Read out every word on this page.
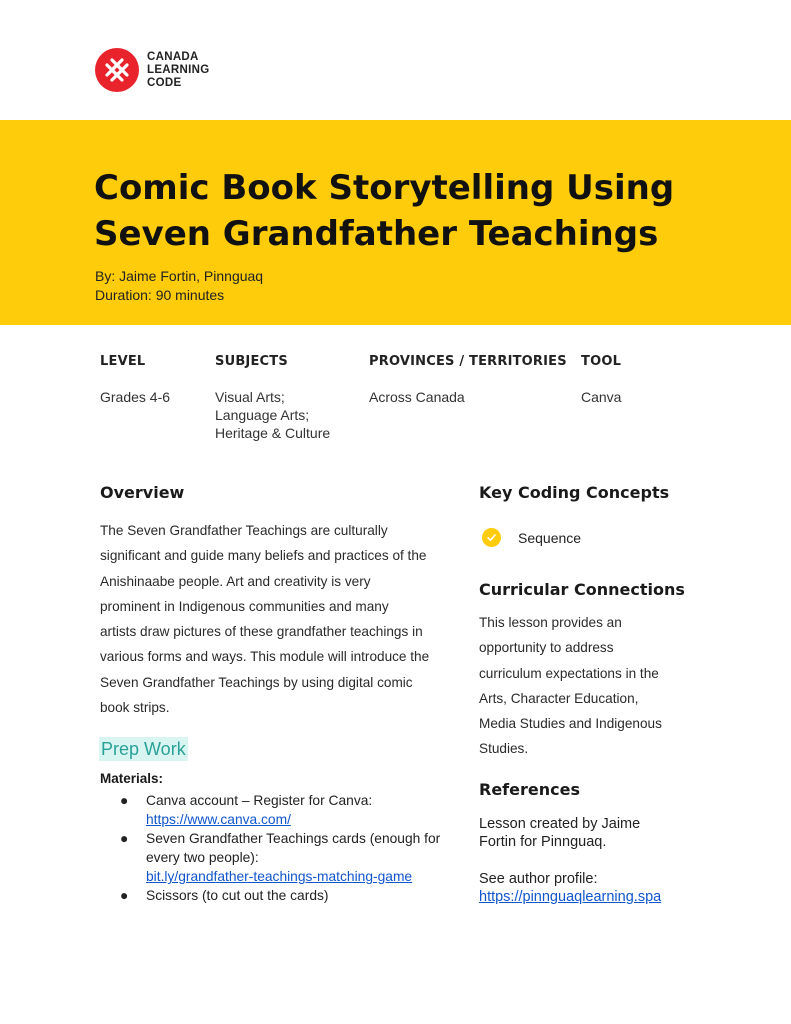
CANADA
LEARNING
CODE
Comic Book Storytelling Using Seven Grandfather Teachings
By: Jaime Fortin, Pinnguaq
Duration: 90 minutes
LEVEL
Grades 4-6
SUBJECTS
Visual Arts;
Language Arts;
Heritage & Culture
PROVINCES / TERRITORIES
Across Canada
TOOL
Canva
Overview
The Seven Grandfather Teachings are culturally
significant and guide many beliefs and practices of the
Anishinaabe people. Art and creativity is very
prominent in Indigenous communities and many
artists draw pictures of these grandfather teachings in
various forms and ways. This module will introduce the
Seven Grandfather Teachings by using digital comic
book strips.
Prep Work
Materials:
● Canva account – Register for Canva:
https://www.canva.com/
● Seven Grandfather Teachings cards (enough for every two people):
bit.ly/grandfather-teachings-matching-game
● Scissors (to cut out the cards)
Key Coding Concepts
Sequence
Curricular Connections
This lesson provides an
opportunity to address
curriculum expectations in the
Arts, Character Education,
Media Studies and Indigenous
Studies.
References
Lesson created by Jaime
Fortin for Pinnguaq.
See author profile:
https://pinnguaqlearning.spa
